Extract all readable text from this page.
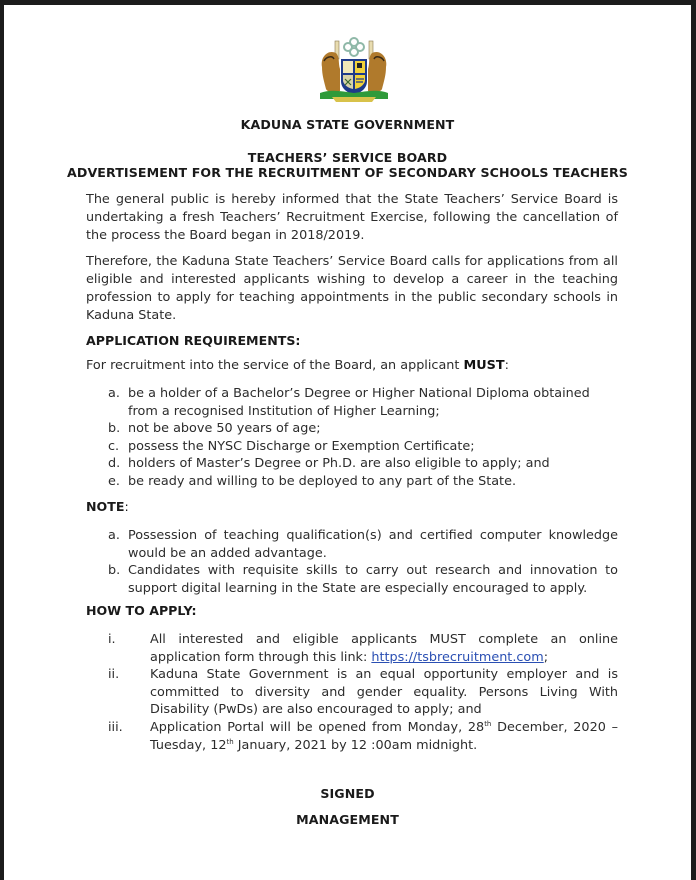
KADUNA STATE GOVERNMENT
TEACHERS’ SERVICE BOARD
ADVERTISEMENT FOR THE RECRUITMENT OF SECONDARY SCHOOLS TEACHERS

The general public is hereby informed that the State Teachers’ Service Board is undertaking a fresh Teachers’ Recruitment Exercise, following the cancellation of the process the Board began in 2018/2019.

Therefore, the Kaduna State Teachers’ Service Board calls for applications from all eligible and interested applicants wishing to develop a career in the teaching profession to apply for teaching appointments in the public secondary schools in Kaduna State.

APPLICATION REQUIREMENTS:
For recruitment into the service of the Board, an applicant MUST:
a. be a holder of a Bachelor’s Degree or Higher National Diploma obtained from a recognised Institution of Higher Learning;
b. not be above 50 years of age;
c. possess the NYSC Discharge or Exemption Certificate;
d. holders of Master’s Degree or Ph.D. are also eligible to apply; and
e. be ready and willing to be deployed to any part of the State.
NOTE:
a. Possession of teaching qualification(s) and certified computer knowledge would be an added advantage.
b. Candidates with requisite skills to carry out research and innovation to support digital learning in the State are especially encouraged to apply.
HOW TO APPLY:
i.	All interested and eligible applicants MUST complete an online application form through this link: https://tsbrecruitment.com;
ii. Kaduna State Government is an equal opportunity employer and is committed to diversity and gender equality. Persons Living With Disability (PwDs) are also encouraged to apply; and
iii. Application Portal will be opened from Monday, 28th December, 2020 – Tuesday, 12th January, 2021 by 12 :00am midnight.
SIGNED
MANAGEMENT
